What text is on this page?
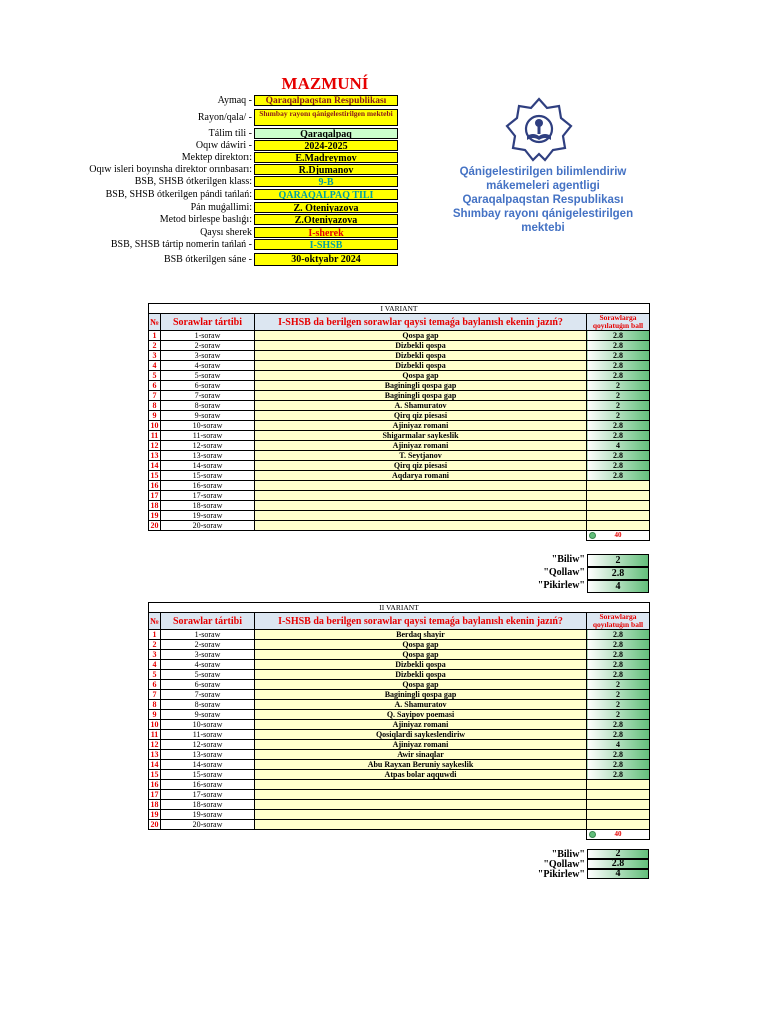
MAZMUNÍ
Aymaq -	Qaraqalpaqstan Respublikası
Rayon/qala/ - Shımbay rayonı qánigelestirilgen mektebi
Tálim tili -	Qaraqalpaq
Oqıw dáwiri -	2024-2025
Mektep direktorı:	E.Madreymov
Oqıw isleri boyınsha direktor orınbasarı:	R.Djumanov
BSB, SHSB ótkerilgen klass:	9-B
BSB, SHSB ótkerilgen pándi tańlań:	QARAQALPAQ TILI
Pán muǵallimi:	Z. Oteniyazova
Metod birlespe baslıǵı:	Z.Oteniyazova
Qaysı sherek	I-sherek
BSB, SHSB tártip nomerin tańlań -	I-SHSB
BSB ótkerilgen sáne -	30-oktyabr 2024
Qánigelestirilgen bilimlendiriw
mákemeleri agentligi
Qaraqalpaqstan Respublikası
Shımbay rayonı qánigelestirilgen
mektebi
I VARIANT			
№	Sorawlar tártibi	I-SHSB da berilgen sorawlar qaysi temaǵa baylanısh ekenin jazıń?	Sorawlarga qoyılatuǵın ball
1	1-soraw	Qospa gap	2.8
2	2-soraw	Dizbekli qospa	2.8
3	3-soraw	Dizbekli qospa	2.8
4	4-soraw	Dizbekli qospa	2.8
5	5-soraw	Qospa gap	2.8
6	6-soraw	Baginingli qospa gap	2
7	7-soraw	Baginingli qospa gap	2
8	8-soraw	A. Shamuratov	2
9	9-soraw	Qirq qiz piesasi	2
10	10-soraw	Ajiniyaz romani	2.8
11	11-soraw	Shigarmalar saykeslik	2.8
12	12-soraw	Ajiniyaz romani	4
13	13-soraw	T. Seytjanov	2.8
14	14-soraw	Qirq qiz piesasi	2.8
15	15-soraw	Aqdarya romani	2.8
16	16-soraw		
17	17-soraw		
18	18-soraw		
19	19-soraw		
20	20-soraw		

			40
"Biliw"	2
"Qollaw"	2.8
"Pikirlew"	4
II VARIANT			
№	Sorawlar tártibi	I-SHSB da berilgen sorawlar qaysi temaǵa baylanısh ekenin jazıń?	Sorawlarga qoyılatuǵın ball
1	1-soraw	Berdaq shayir	2.8
2	2-soraw	Qospa gap	2.8
3	3-soraw	Qospa gap	2.8
4	4-soraw	Dizbekli qospa	2.8
5	5-soraw	Dizbekli qospa	2.8
6	6-soraw	Qospa gap	2
7	7-soraw	Baginingli qospa gap	2
8	8-soraw	A. Shamuratov	2
9	9-soraw	Q. Sayipov poemasi	2
10	10-soraw	Ajiniyaz romani	2.8
11	11-soraw	Qosiqlardi saykeslendiriw	2.8
12	12-soraw	Ajiniyaz romani	4
13	13-soraw	Awir sinaqlar	2.8
14	14-soraw	Abu Rayxan Beruniy saykeslik	2.8
15	15-soraw	Atpas bolar aqquwdi	2.8
16	16-soraw		
17	17-soraw		
18	18-soraw		
19	19-soraw		
20	20-soraw		

			40
"Biliw"	2
"Qollaw"	2.8
"Pikirlew"	4
